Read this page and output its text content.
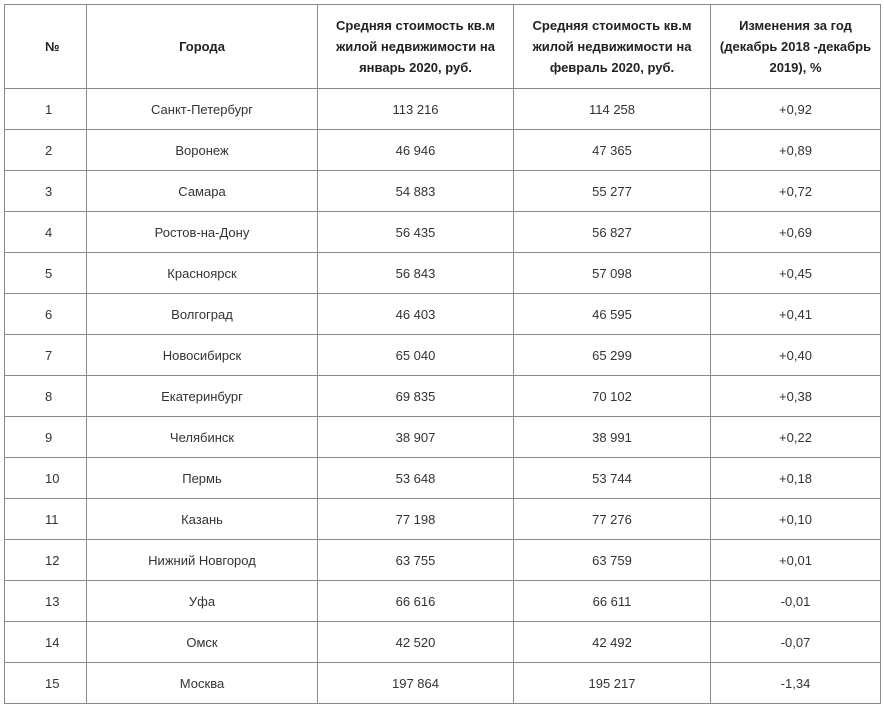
№	Города	Средняя стоимость кв.м жилой недвижимости на январь 2020, руб.	Средняя стоимость кв.м жилой недвижимости на февраль 2020, руб.	Изменения за год (декабрь 2018 -декабрь 2019), %
1	Санкт-Петербург	113 216	114 258	+0,92
2	Воронеж	46 946	47 365	+0,89
3	Самара	54 883	55 277	+0,72
4	Ростов-на-Дону	56 435	56 827	+0,69
5	Красноярск	56 843	57 098	+0,45
6	Волгоград	46 403	46 595	+0,41
7	Новосибирск	65 040	65 299	+0,40
8	Екатеринбург	69 835	70 102	+0,38
9	Челябинск	38 907	38 991	+0,22
10	Пермь	53 648	53 744	+0,18
11	Казань	77 198	77 276	+0,10
12	Нижний Новгород	63 755	63 759	+0,01
13	Уфа	66 616	66 611	-0,01
14	Омск	42 520	42 492	-0,07
15	Москва	197 864	195 217	-1,34
